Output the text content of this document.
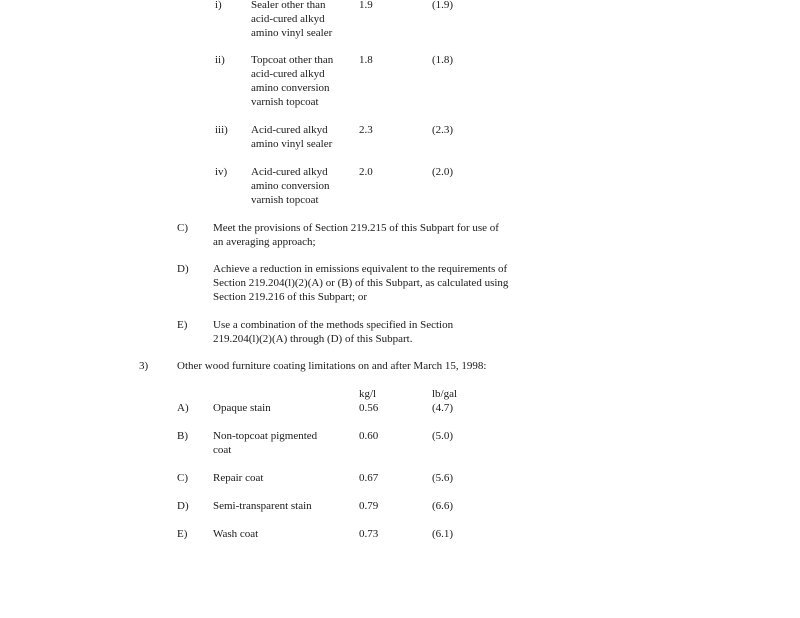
i)	Sealer other than
acid-cured alkyd
amino vinyl sealer
1.9	(1.9)
ii) Topcoat other than
acid-cured alkyd
amino conversion
varnish topcoat
1.8	(1.8)
iii) Acid-cured alkyd
amino vinyl sealer
2.3	(2.3)
iv) Acid-cured alkyd
amino conversion
varnish topcoat
2.0	(2.0)
C) Meet the provisions of Section 219.215 of this Subpart for use of
an averaging approach;
D) Achieve a reduction in emissions equivalent to the requirements of
Section 219.204(l)(2)(A) or (B) of this Subpart, as calculated using
Section 219.216 of this Subpart; or
E) Use a combination of the methods specified in Section
219.204(l)(2)(A) through (D) of this Subpart.
3)	Other wood furniture coating limitations on and after March 15, 1998:
kg/l	lb/gal
A) Opaque stain	0.56	(4.7)
B) Non-topcoat pigmented
coat
0.60	(5.0)
C) Repair coat	0.67	(5.6)
D) Semi-transparent stain	0.79	(6.6)
E) Wash coat	0.73	(6.1)
